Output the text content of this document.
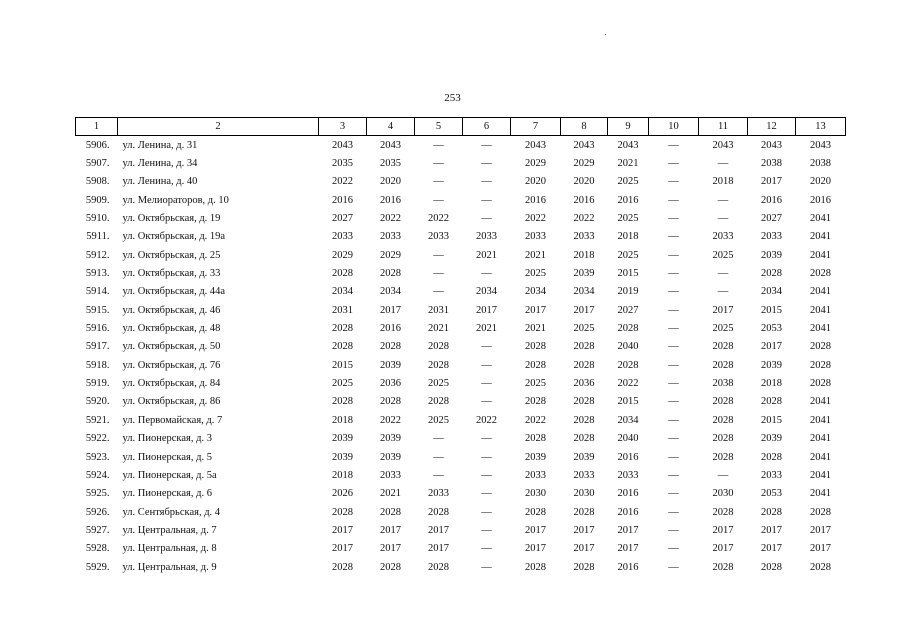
253
1	2	3	4	5	6	7	8	9	10	11	12	13
5906.	ул. Ленина, д. 31	2043	2043	—	—	2043	2043	2043	—	2043	2043	2043
5907.	ул. Ленина, д. 34	2035	2035	—	—	2029	2029	2021	—	—	2038	2038
5908.	ул. Ленина, д. 40	2022	2020	—	—	2020	2020	2025	—	2018	2017	2020
5909.	ул. Мелиораторов, д. 10	2016	2016	—	—	2016	2016	2016	—	—	2016	2016
5910.	ул. Октябрьская, д. 19	2027	2022	2022	—	2022	2022	2025	—	—	2027	2041
5911.	ул. Октябрьская, д. 19а	2033	2033	2033	2033	2033	2033	2018	—	2033	2033	2041
5912.	ул. Октябрьская, д. 25	2029	2029	—	2021	2021	2018	2025	—	2025	2039	2041
5913.	ул. Октябрьская, д. 33	2028	2028	—	—	2025	2039	2015	—	—	2028	2028
5914.	ул. Октябрьская, д. 44а	2034	2034	—	2034	2034	2034	2019	—	—	2034	2041
5915.	ул. Октябрьская, д. 46	2031	2017	2031	2017	2017	2017	2027	—	2017	2015	2041
5916.	ул. Октябрьская, д. 48	2028	2016	2021	2021	2021	2025	2028	—	2025	2053	2041
5917.	ул. Октябрьская, д. 50	2028	2028	2028	—	2028	2028	2040	—	2028	2017	2028
5918.	ул. Октябрьская, д. 76	2015	2039	2028	—	2028	2028	2028	—	2028	2039	2028
5919.	ул. Октябрьская, д. 84	2025	2036	2025	—	2025	2036	2022	—	2038	2018	2028
5920.	ул. Октябрьская, д. 86	2028	2028	2028	—	2028	2028	2015	—	2028	2028	2041
5921.	ул. Первомайская, д. 7	2018	2022	2025	2022	2022	2028	2034	—	2028	2015	2041
5922.	ул. Пионерская, д. 3	2039	2039	—	—	2028	2028	2040	—	2028	2039	2041
5923.	ул. Пионерская, д. 5	2039	2039	—	—	2039	2039	2016	—	2028	2028	2041
5924.	ул. Пионерская, д. 5а	2018	2033	—	—	2033	2033	2033	—	—	2033	2041
5925.	ул. Пионерская, д. 6	2026	2021	2033	—	2030	2030	2016	—	2030	2053	2041
5926.	ул. Сентябрьская, д. 4	2028	2028	2028	—	2028	2028	2016	—	2028	2028	2028
5927.	ул. Центральная, д. 7	2017	2017	2017	—	2017	2017	2017	—	2017	2017	2017
5928.	ул. Центральная, д. 8	2017	2017	2017	—	2017	2017	2017	—	2017	2017	2017
5929.	ул. Центральная, д. 9	2028	2028	2028	—	2028	2028	2016	—	2028	2028	2028
